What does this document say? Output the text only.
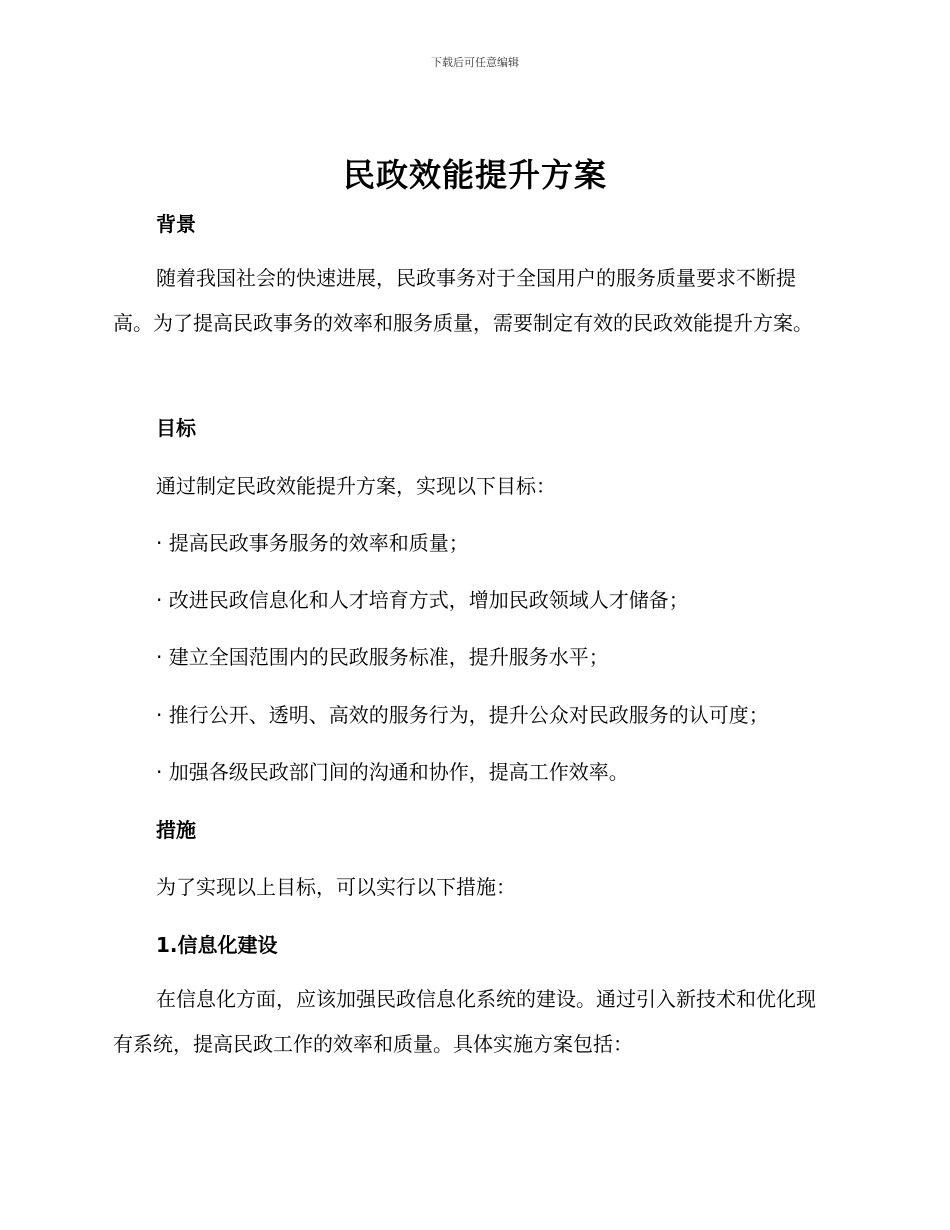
下载后可任意编辑
民政效能提升方案
背景
随着我国社会的快速进展，民政事务对于全国用户的服务质量要求不断提高。为了提高民政事务的效率和服务质量，需要制定有效的民政效能提升方案。
目标
通过制定民政效能提升方案，实现以下目标：
· 提高民政事务服务的效率和质量；
· 改进民政信息化和人才培育方式，增加民政领域人才储备；
· 建立全国范围内的民政服务标准，提升服务水平；
· 推行公开、透明、高效的服务行为，提升公众对民政服务的认可度；
· 加强各级民政部门间的沟通和协作，提高工作效率。
措施
为了实现以上目标，可以实行以下措施：
1.信息化建设
在信息化方面，应该加强民政信息化系统的建设。通过引入新技术和优化现有系统，提高民政工作的效率和质量。具体实施方案包括：
